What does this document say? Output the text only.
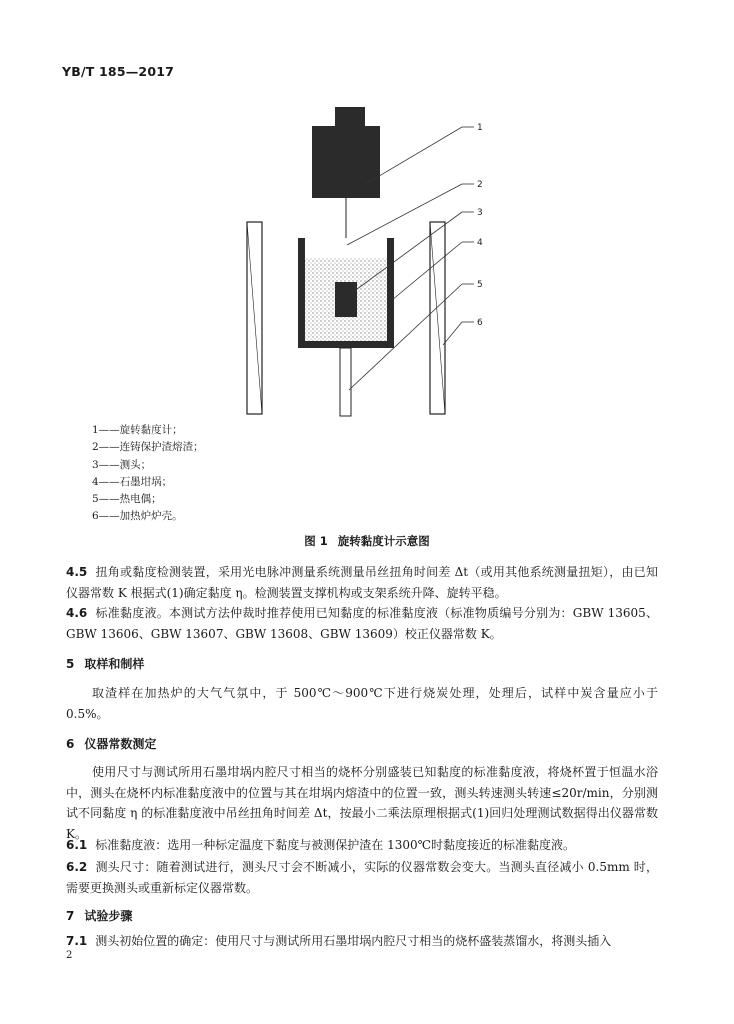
YB/T 185—2017
1
2
3
4
5
6
1——旋转黏度计；
2——连铸保护渣熔渣；
3——测头；
4——石墨坩埚；
5——热电偶；
6——加热炉炉壳。
图 1 旋转黏度计示意图
4.5 扭角或黏度检测装置，采用光电脉冲测量系统测量吊丝扭角时间差 Δt（或用其他系统测量扭矩），由已知仪器常数 K 根据式(1)确定黏度 η。检测装置支撑机构或支架系统升降、旋转平稳。
4.6 标准黏度液。本测试方法仲裁时推荐使用已知黏度的标准黏度液（标准物质编号分别为：GBW 13605、GBW 13606、GBW 13607、GBW 13608、GBW 13609）校正仪器常数 K。
5 取样和制样
取渣样在加热炉的大气气氛中，于 500℃～900℃下进行烧炭处理，处理后，试样中炭含量应小于 0.5%。
6 仪器常数测定
使用尺寸与测试所用石墨坩埚内腔尺寸相当的烧杯分别盛装已知黏度的标准黏度液，将烧杯置于恒温水浴中，测头在烧杯内标准黏度液中的位置与其在坩埚内熔渣中的位置一致，测头转速测头转速≤20r/min，分别测试不同黏度 η 的标准黏度液中吊丝扭角时间差 Δt，按最小二乘法原理根据式(1)回归处理测试数据得出仪器常数 K。
6.1 标准黏度液：选用一种标定温度下黏度与被测保护渣在 1300℃时黏度接近的标准黏度液。
6.2 测头尺寸：随着测试进行，测头尺寸会不断减小，实际的仪器常数会变大。当测头直径减小 0.5mm 时，需要更换测头或重新标定仪器常数。
7 试验步骤
7.1 测头初始位置的确定：使用尺寸与测试所用石墨坩埚内腔尺寸相当的烧杯盛装蒸馏水，将测头插入
2
